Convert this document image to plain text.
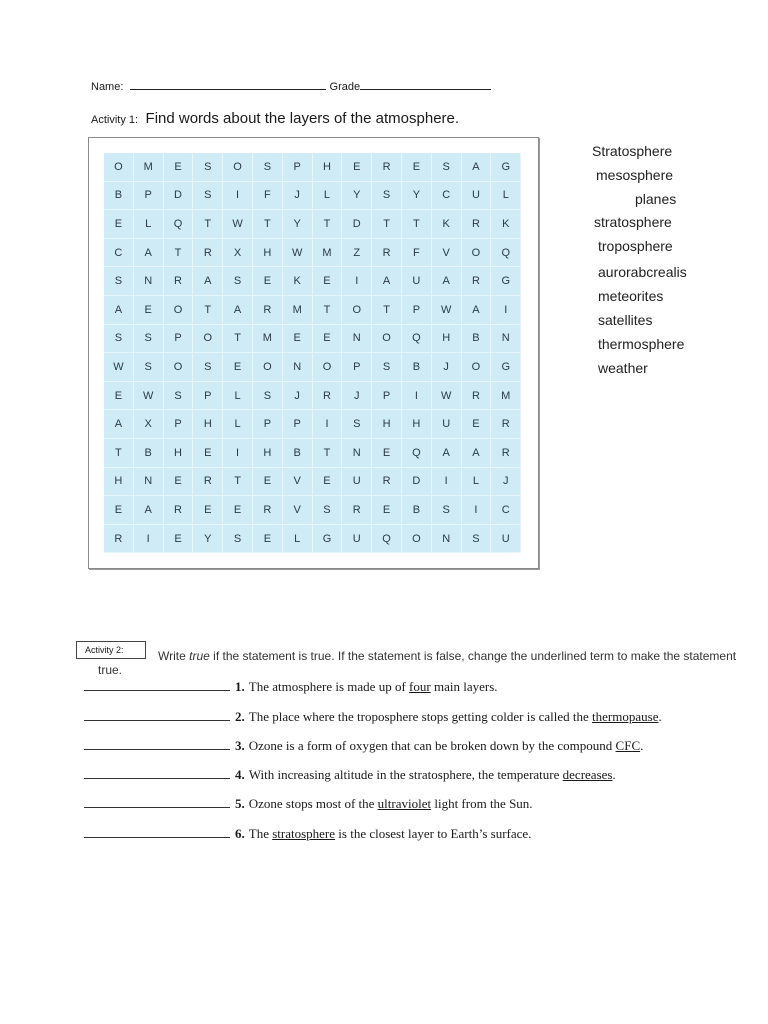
Name:	Grade
Activity 1: Find words about the layers of the atmosphere.
O	M	E	S	O	S	P	H	E	R	E	S	A	G
B	P	D	S	I	F	J	L	Y	S	Y	C	U	L
E	L	Q	T	W	T	Y	T	D	T	T	K	R	K
C	A	T	R	X	H	W	M	Z	R	F	V	O	Q
S	N	R	A	S	E	K	E	I	A	U	A	R	G
A	E	O	T	A	R	M	T	O	T	P	W	A	I
S	S	P	O	T	M	E	E	N	O	Q	H	B	N
W	S	O	S	E	O	N	O	P	S	B	J	O	G
E	W	S	P	L	S	J	R	J	P	I	W	R	M
A	X	P	H	L	P	P	I	S	H	H	U	E	R
T	B	H	E	I	H	B	T	N	E	Q	A	A	R
H	N	E	R	T	E	V	E	U	R	D	I	L	J
E	A	R	E	E	R	V	S	R	E	B	S	I	C
R	I	E	Y	S	E	L	G	U	Q	O	N	S	U
Stratosphere
mesosphere
planes
stratosphere
troposphere
aurorabcrealis
meteorites
satellites
thermosphere
weather
Activity 2:	Write true if the statement is true. If the statement is false, change the underlined term to make the statement true.
1. The atmosphere is made up of four main layers.
2. The place where the troposphere stops getting colder is called the thermopause .
3. Ozone is a form of oxygen that can be broken down by the compound CFC .
4. With increasing altitude in the stratosphere, the temperature decreases .
5. Ozone stops most of the ultraviolet light from the Sun.
6. The stratosphere is the closest layer to Earth’s surface.
